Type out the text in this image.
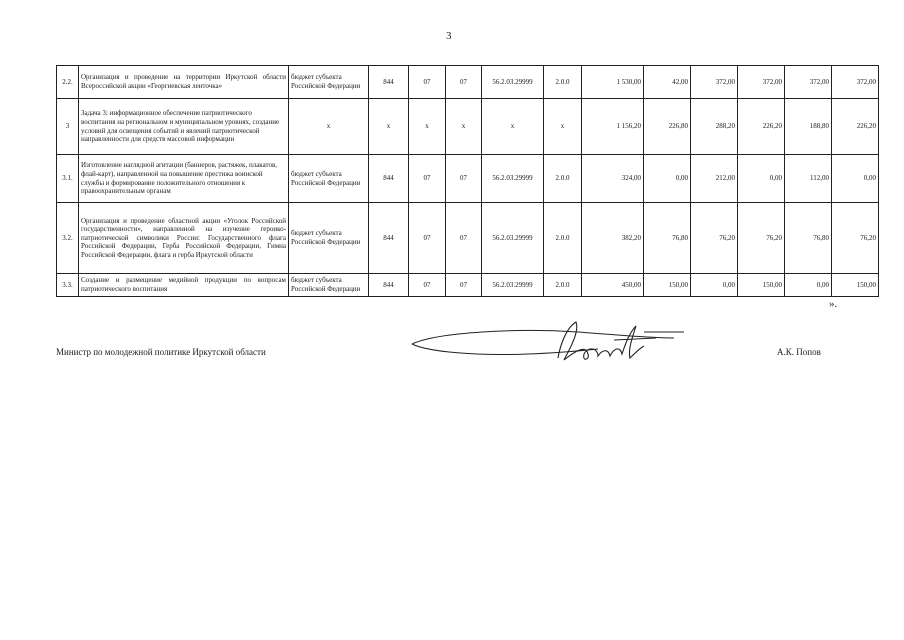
3
2.2.	Организация и проведение на территории Иркутской области Всероссийской акции «Георгиевская ленточка»	бюджет субъекта Российской Федерации	844	07	07	56.2.03.29999	2.0.0	1 530,00	42,00	372,00	372,00	372,00	372,00
3	Задача 3: информационное обеспечение патриотического воспитания на региональном и муниципальном уровнях, создание условий для освещения событий и явлений патриотической направленности для средств массовой информации	x	x	x	x	x	x	1 156,20	226,80	288,20	226,20	188,80	226,20
3.1.	Изготовление наглядной агитации (баннеров, растяжек, плакатов, флай-карт), направленной на повышение престижа воинской службы и формирование положительного отношения к правоохранительным органам	бюджет субъекта Российской Федерации	844	07	07	56.2.03.29999	2.0.0	324,00	0,00	212,00	0,00	112,00	0,00
3.2.	Организация и проведение областной акции «Уголок Российской государственности», направленной на изучение героико-патриотической символики России: Государственного флага Российской Федерации, Герба Российской Федерации, Гимна Российской Федерации, флага и герба Иркутской области	бюджет субъекта Российской Федерации	844	07	07	56.2.03.29999	2.0.0	382,20	76,80	76,20	76,20	76,80	76,20
3.3.	Создание и размещение медийной продукции по вопросам патриотического воспитания	бюджет субъекта Российской Федерации	844	07	07	56.2.03.29999	2.0.0	450,00	150,00	0,00	150,00	0,00	150,00
».
Министр по молодежной политике Иркутской области	А.К. Попов
